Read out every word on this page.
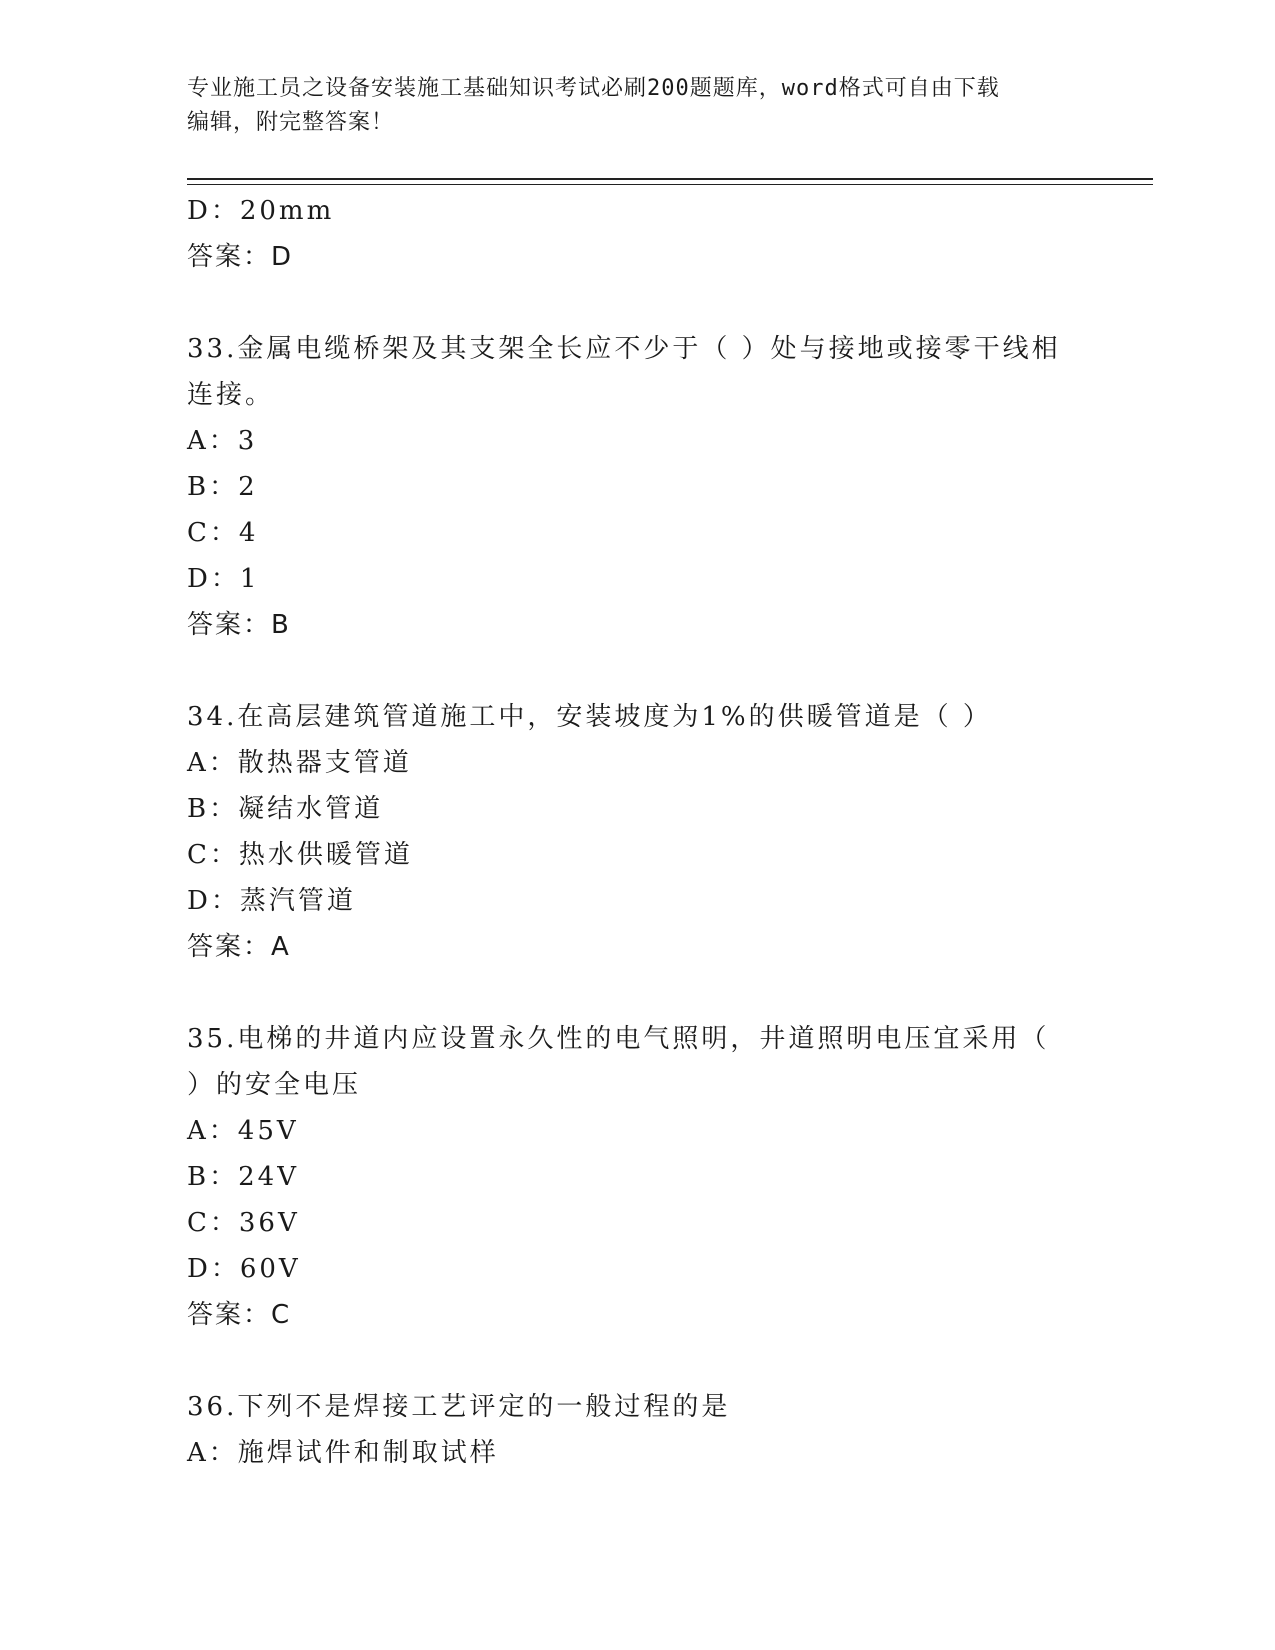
专业施工员之设备安装施工基础知识考试必刷200题题库，word格式可自由下载
编辑，附完整答案！
D：20mm
答案：D
33.金属电缆桥架及其支架全长应不少于（ ）处与接地或接零干线相
连接。
A：3
B：2
C：4
D：1
答案：B
34.在高层建筑管道施工中，安装坡度为1%的供暖管道是（ ）
A：散热器支管道
B：凝结水管道
C：热水供暖管道
D：蒸汽管道
答案：A
35.电梯的井道内应设置永久性的电气照明，井道照明电压宜采用（
）的安全电压
A：45V
B：24V
C：36V
D：60V
答案：C
36.下列不是焊接工艺评定的一般过程的是
A：施焊试件和制取试样
